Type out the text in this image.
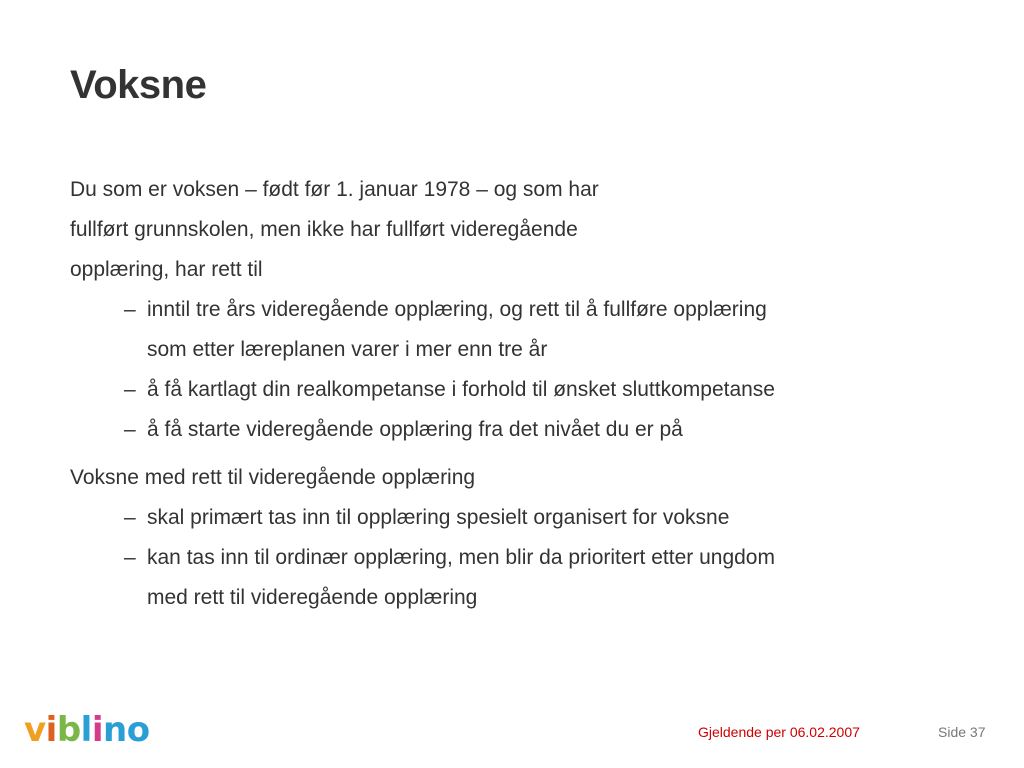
Voksne
Du som er voksen – født før 1. januar 1978 – og som har
fullført grunnskolen, men ikke har fullført videregående
opplæring, har rett til
– inntil tre års videregående opplæring, og rett til å fullføre opplæring
som etter læreplanen varer i mer enn tre år
– å få kartlagt din realkompetanse i forhold til ønsket sluttkompetanse
– å få starte videregående opplæring fra det nivået du er på
Voksne med rett til videregående opplæring
– skal primært tas inn til opplæring spesielt organisert for voksne
– kan tas inn til ordinær opplæring, men blir da prioritert etter ungdom
med rett til videregående opplæring
viblino	Gjeldende per 06.02.2007	Side 37
